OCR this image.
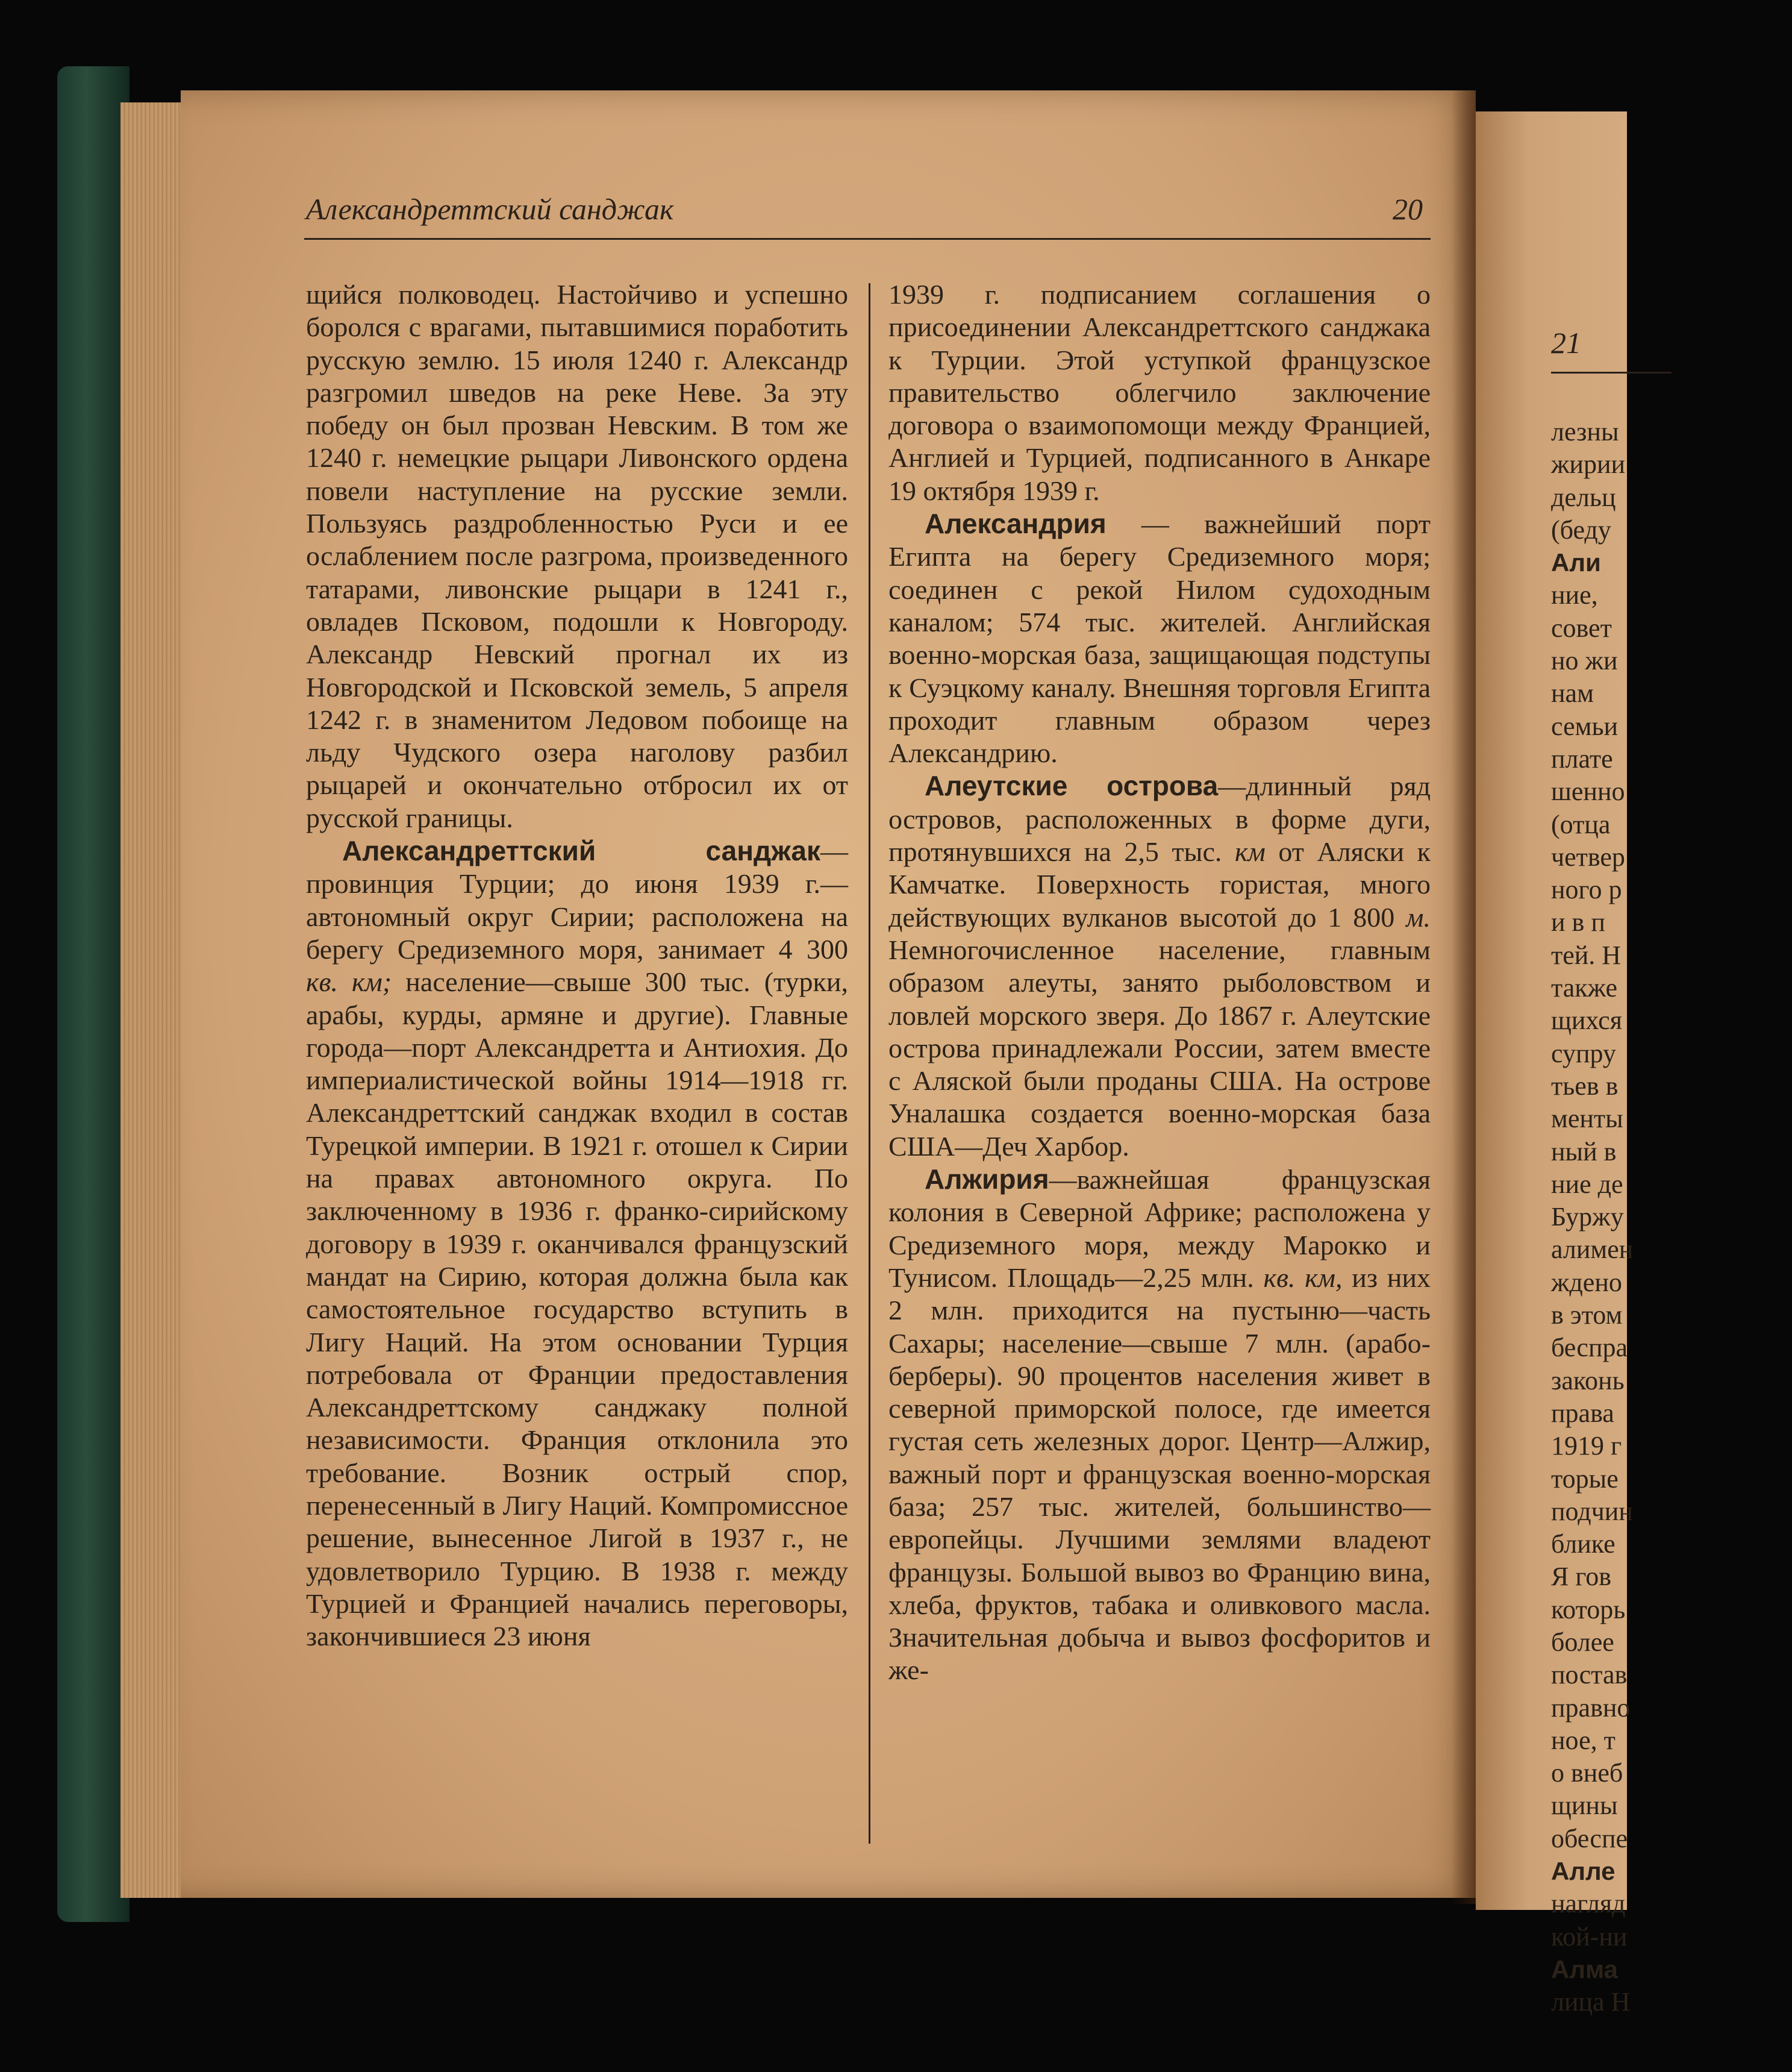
Александреттский санджак	20

щийся полководец. Настойчиво и успешно боролся с врагами, пытавшимися поработить русскую землю. 15 июля 1240 г. Александр разгромил шведов на реке Неве. За эту победу он был прозван Невским. В том же 1240 г. немецкие рыцари Ливонского ордена повели наступление на русские земли. Пользуясь раздробленностью Руси и ее ослаблением после разгрома, произведенного татарами, ливонские рыцари в 1241 г., овладев Псковом, подошли к Новгороду. Александр Невский прогнал их из Новгородской и Псковской земель, 5 апреля 1242 г. в знаменитом Ледовом побоище на льду Чудского озера наголову разбил рыцарей и окончательно отбросил их от русской границы.

Александреттский санджак—провинция Турции; до июня 1939 г.—автономный округ Сирии; расположена на берегу Средиземного моря, занимает 4 300 кв. км; население—свыше 300 тыс. (турки, арабы, курды, армяне и другие). Главные города—порт Александретта и Антиохия. До империалистической войны 1914—1918 гг. Александреттский санджак входил в состав Турецкой империи. В 1921 г. отошел к Сирии на правах автономного округа. По заключенному в 1936 г. франко-сирийскому договору в 1939 г. оканчивался французский мандат на Сирию, которая должна была как самостоятельное государство вступить в Лигу Наций. На этом основании Турция потребовала от Франции предоставления Александреттскому санджаку полной независимости. Франция отклонила это требование. Возник острый спор, перенесенный в Лигу Наций. Компромиссное решение, вынесенное Лигой в 1937 г., не удовлетворило Турцию. В 1938 г. между Турцией и Францией начались переговоры, закончившиеся 23 июня

1939 г. подписанием соглашения о присоединении Александреттского санджака к Турции. Этой уступкой французское правительство облегчило заключение договора о взаимопомощи между Францией, Англией и Турцией, подписанного в Анкаре 19 октября 1939 г.

Александрия — важнейший порт Египта на берегу Средиземного моря; соединен с рекой Нилом судоходным каналом; 574 тыс. жителей. Английская военно-морская база, защищающая подступы к Суэцкому каналу. Внешняя торговля Египта проходит главным образом через Александрию.

Алеутские острова—длинный ряд островов, расположенных в форме дуги, протянувшихся на 2,5 тыс. км от Аляски к Камчатке. Поверхность гористая, много действующих вулканов высотой до 1 800 м. Немногочисленное население, главным образом алеуты, занято рыболовством и ловлей морского зверя. До 1867 г. Алеутские острова принадлежали России, затем вместе с Аляской были проданы США. На острове Уналашка создается военно-морская база США—Деч Харбор.

Алжирия—важнейшая французская колония в Северной Африке; расположена у Средиземного моря, между Марокко и Тунисом. Площадь—2,25 млн. кв. км, из них 2 млн. приходится на пустыню—часть Сахары; население—свыше 7 млн. (арабо-берберы). 90 процентов населения живет в северной приморской полосе, где имеется густая сеть железных дорог. Центр—Алжир, важный порт и французская военно-морская база; 257 тыс. жителей, большинство—европейцы. Лучшими землями владеют французы. Большой вывоз во Францию вина, хлеба, фруктов, табака и оливкового масла. Значительная добыча и вывоз фосфоритов и же-

21
лезны
жирии
дельц
(беду
Али
ние,
совет
но жи
нам
семьи
плате
шенно
(отца
четвер
ного р
и в п
тей. Н
также
щихся
супру
тьев в
менты
ный в
ние де
Буржу
алимен
ждено
в этом
беспра
законь
права
1919 г
торые
подчин
блике
Я гов
которь
более
постав
правно
ное, т
о внеб
щины
обеспе
Алле
нагляд
кой-ни
Алма
лица Н
